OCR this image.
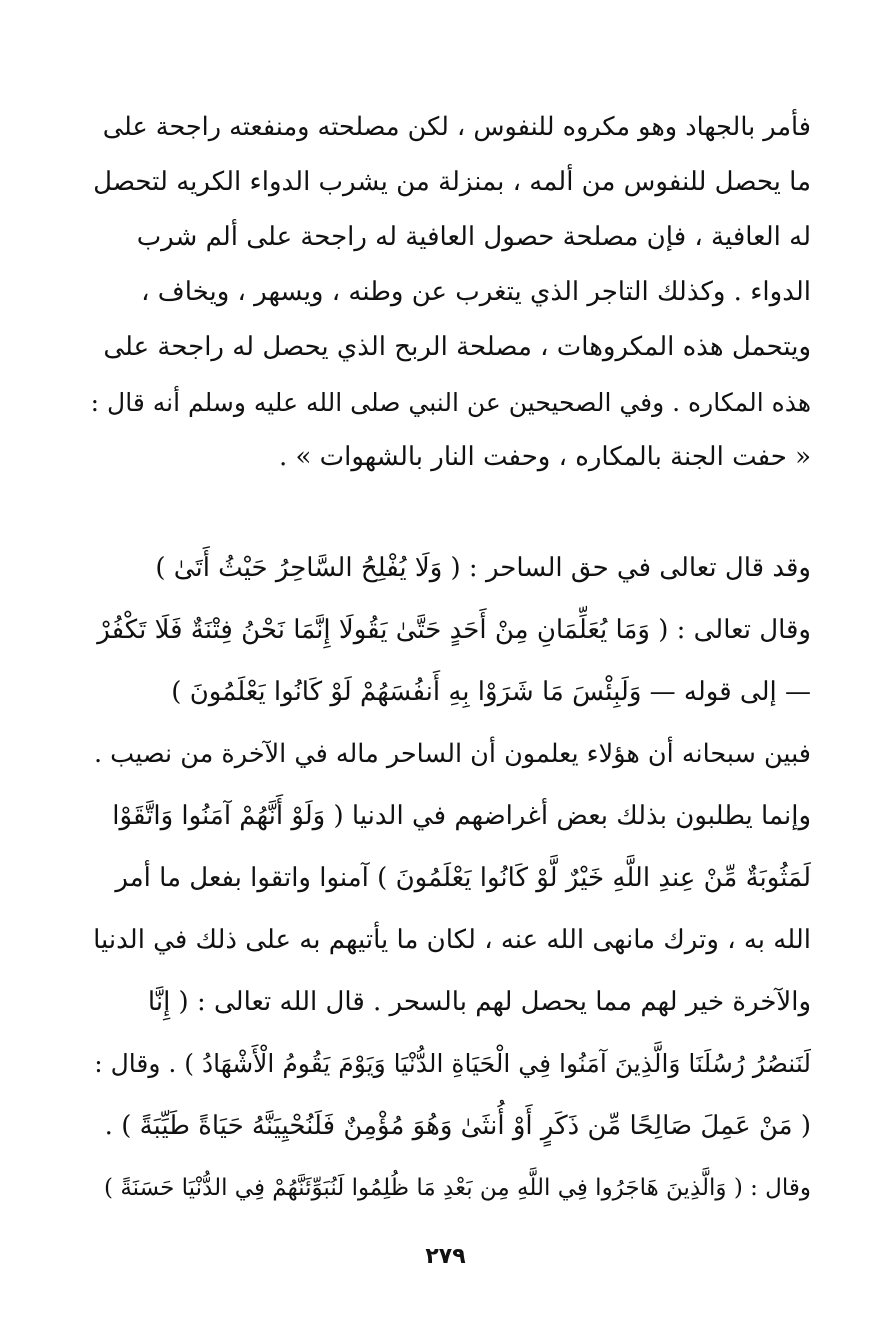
فأمر بالجهاد وهو مكروه للنفوس ، لكن مصلحته ومنفعته راجحة على
ما يحصل للنفوس من ألمه ، بمنزلة من يشرب الدواء الكريه لتحصل
له العافية ، فإن مصلحة حصول العافية له راجحة على ألم شرب
الدواء . وكذلك التاجر الذي يتغرب عن وطنه ، ويسهر ، ويخاف ،
ويتحمل هذه المكروهات ، مصلحة الربح الذي يحصل له راجحة على
هذه المكاره . وفي الصحيحين عن النبي صلى الله عليه وسلم أنه قال :
« حفت الجنة بالمكاره ، وحفت النار بالشهوات » .
وقد قال تعالى في حق الساحر : ( وَلَا يُفْلِحُ السَّاحِرُ حَيْثُ أَتَىٰ )
وقال تعالى : ( وَمَا يُعَلِّمَانِ مِنْ أَحَدٍ حَتَّىٰ يَقُولَا إِنَّمَا نَحْنُ فِتْنَةٌ فَلَا تَكْفُرْ
— إلى قوله — وَلَبِئْسَ مَا شَرَوْا بِهِ أَنفُسَهُمْ لَوْ كَانُوا يَعْلَمُونَ )
فبين سبحانه أن هؤلاء يعلمون أن الساحر ماله في الآخرة من نصيب .
وإنما يطلبون بذلك بعض أغراضهم في الدنيا ( وَلَوْ أَنَّهُمْ آمَنُوا وَاتَّقَوْا
لَمَثُوبَةٌ مِّنْ عِندِ اللَّهِ خَيْرٌ لَّوْ كَانُوا يَعْلَمُونَ ) آمنوا واتقوا بفعل ما أمر
الله به ، وترك مانهى الله عنه ، لكان ما يأتيهم به على ذلك في الدنيا
والآخرة خير لهم مما يحصل لهم بالسحر . قال الله تعالى : ( إِنَّا
لَنَنصُرُ رُسُلَنَا وَالَّذِينَ آمَنُوا فِي الْحَيَاةِ الدُّنْيَا وَيَوْمَ يَقُومُ الْأَشْهَادُ ) . وقال :
( مَنْ عَمِلَ صَالِحًا مِّن ذَكَرٍ أَوْ أُنثَىٰ وَهُوَ مُؤْمِنٌ فَلَنُحْيِيَنَّهُ حَيَاةً طَيِّبَةً ) .
وقال : ( وَالَّذِينَ هَاجَرُوا فِي اللَّهِ مِن بَعْدِ مَا ظُلِمُوا لَنُبَوِّئَنَّهُمْ فِي الدُّنْيَا حَسَنَةً )
٢٧٩
